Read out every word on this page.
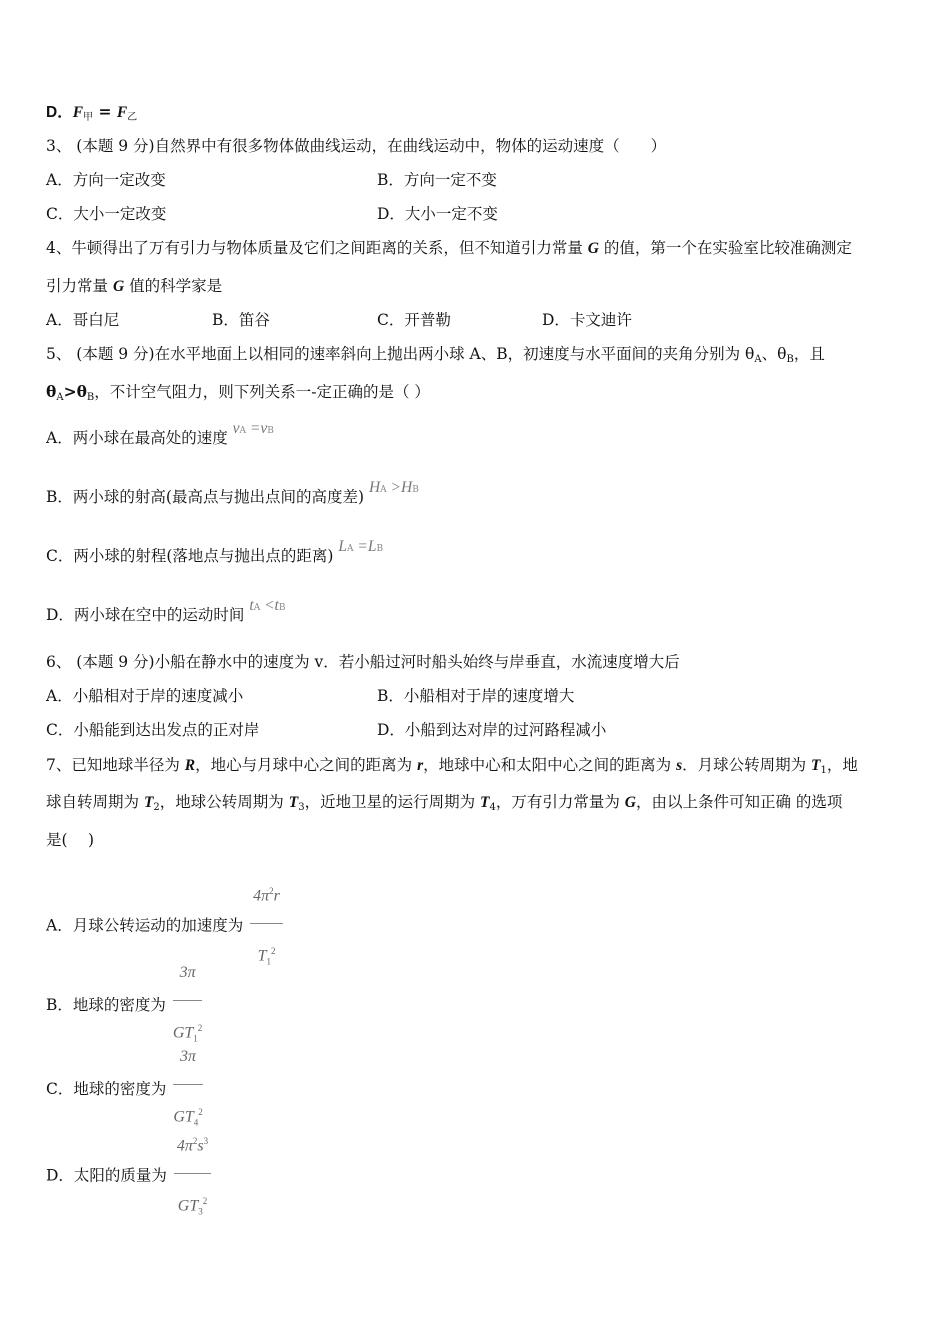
D．$F_甲 = F_乙$
3、 (本题 9 分)自然界中有很多物体做曲线运动，在曲线运动中，物体的运动速度（　　）
A．方向一定改变	B．方向一定不变
C．大小一定改变	D．大小一定不变
4、牛顿得出了万有引力与物体质量及它们之间距离的关系，但不知道引力常量 G 的值，第一个在实验室比较准确测定
引力常量 G 值的科学家是
A．哥白尼	B．笛谷	C．开普勒	D．卡文迪许
5、 (本题 9 分)在水平地面上以相同的速率斜向上抛出两小球 A、B，初速度与水平面间的夹角分别为 $\theta_A$、$\theta_B$，且
$\theta_A>\theta_B$，不计空气阻力，则下列关系一-定正确的是（ ）
A．两小球在最高处的速度 vA =vB
B．两小球的射高(最高点与抛出点间的高度差) HA >HB
C．两小球的射程(落地点与抛出点的距离) LA =LB
D．两小球在空中的运动时间 tA <tB
6、 (本题 9 分)小船在静水中的速度为 v．若小船过河时船头始终与岸垂直，水流速度增大后
A．小船相对于岸的速度减小	B．小船相对于岸的速度增大
C．小船能到达出发点的正对岸	D．小船到达对岸的过河路程减小
7、已知地球半径为 R，地心与月球中心之间的距离为 r，地球中心和太阳中心之间的距离为 s．月球公转周期为 $T_1$，地
球自转周期为 $T_2$，地球公转周期为 $T_3$，近地卫星的运行周期为 $T_4$，万有引力常量为 G，由以上条件可知正确 的选项
是(　 )
A．月球公转运动的加速度为 $\frac{4\pi^2r}{T_1^2}$
B．地球的密度为 $\frac{3\pi}{GT_1^2}$
C．地球的密度为 $\frac{3\pi}{GT_4^2}$
D．太阳的质量为 $\frac{4\pi^2s^3}{GT_3^2}$
